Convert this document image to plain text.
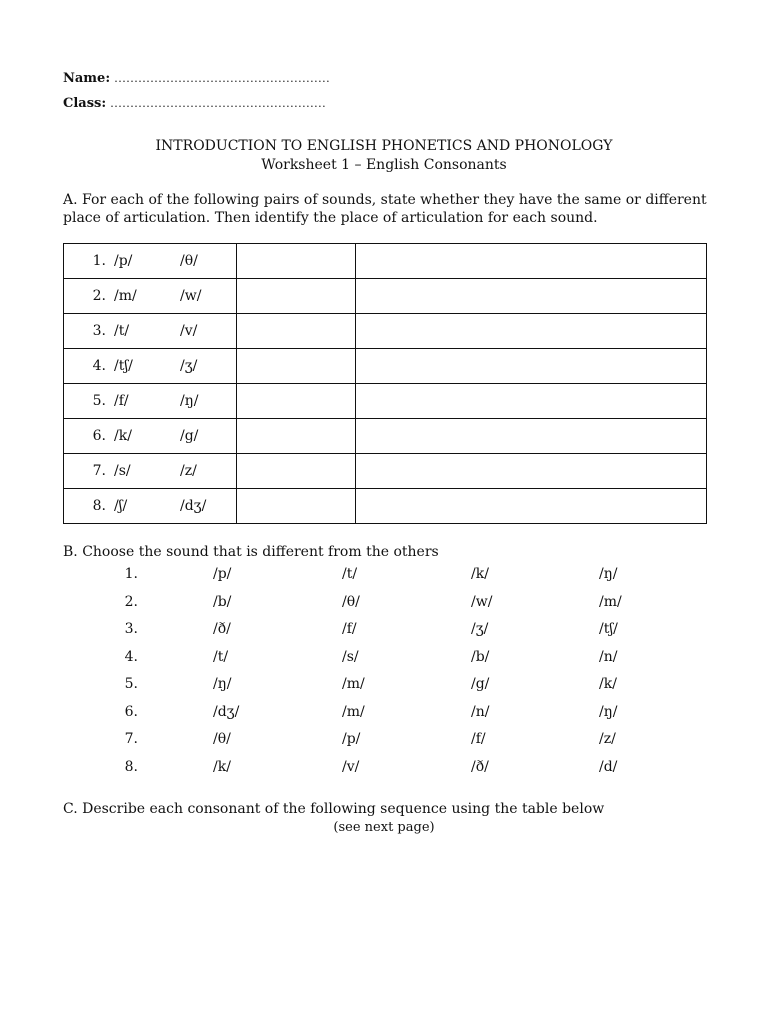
Name: ......................................................
Class: ......................................................
INTRODUCTION TO ENGLISH PHONETICS AND PHONOLOGY
Worksheet 1 – English Consonants
A. For each of the following pairs of sounds, state whether they have the same or different place of articulation. Then identify the place of articulation for each sound.
1. /p/ /θ/		
2. /m/ /w/		
3. /t/ /v/		
4. /tʃ/ /ʒ/		
5. /f/ /ŋ/		
6. /k/ /g/		
7. /s/ /z/		
8. /ʃ/ /dʒ/		
B. Choose the sound that is different from the others
1.	/p/	/t/	/k/	/ŋ/
2.	/b/	/θ/	/w/	/m/
3.	/ð/	/f/	/ʒ/	/tʃ/
4.	/t/	/s/	/b/	/n/
5.	/ŋ/	/m/	/g/	/k/
6.	/dʒ/	/m/	/n/	/ŋ/
7.	/θ/	/p/	/f/	/z/
8.	/k/	/v/	/ð/	/d/
C. Describe each consonant of the following sequence using the table below
(see next page)
